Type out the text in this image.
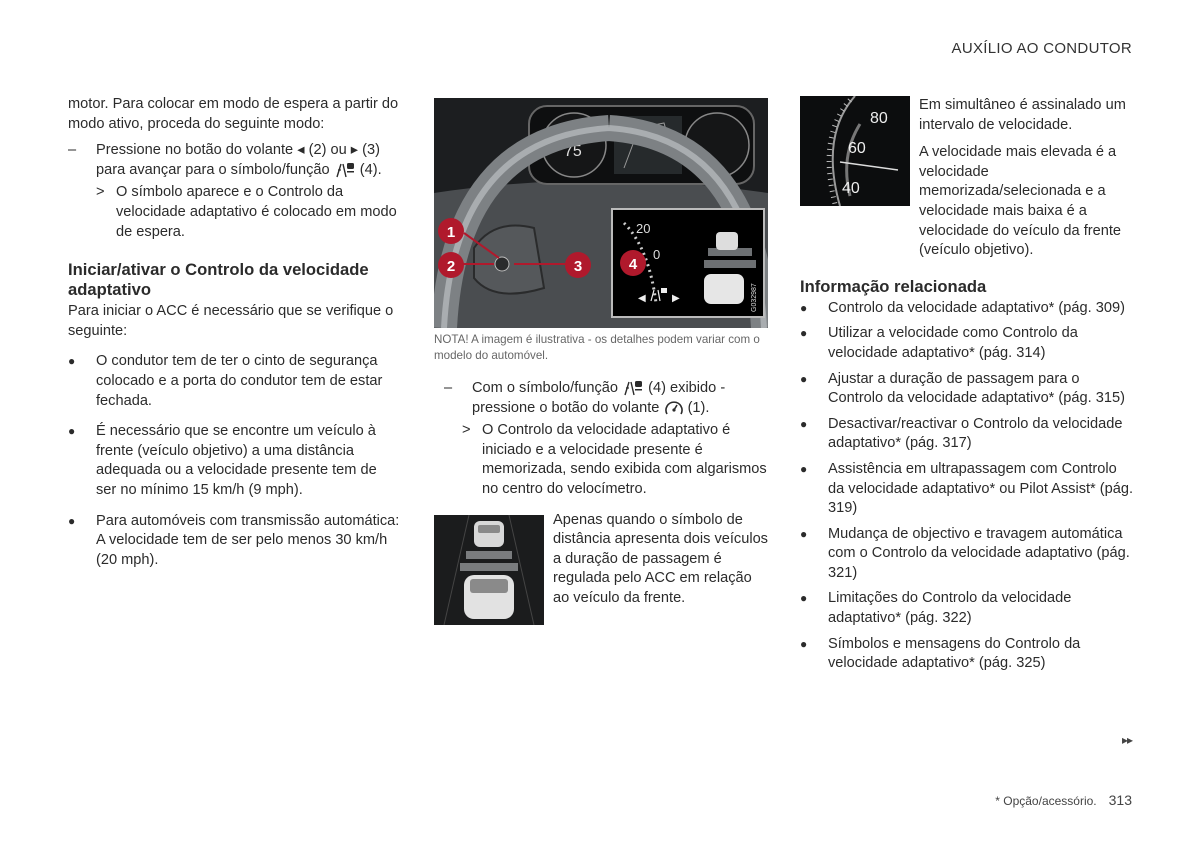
AUXÍLIO AO CONDUTOR

motor. Para colocar em modo de espera a partir do modo ativo, proceda do seguinte modo:

–	Pressione no botão do volante ◂ (2) ou ▸ (3) para avançar para o símbolo/função (4).
> O símbolo aparece e o Controlo da velocidade adaptativo é colocado em modo de espera.
Iniciar/ativar o Controlo da velocidade adaptativo

Para iniciar o ACC é necessário que se verifique o seguinte:

●	O condutor tem de ter o cinto de segurança colocado e a porta do condutor tem de estar fechada.
●	É necessário que se encontre um veículo à frente (veículo objetivo) a uma distância adequada ou a velocidade presente tem de ser no mínimo 15 km/h (9 mph).
●	Para automóveis com transmissão automática: A velocidade tem de ser pelo menos 30 km/h (20 mph).
75
1
2	3
20
0
4
◀	▶	G032987
NOTA! A imagem é ilustrativa - os detalhes podem variar com o modelo do automóvel.
–	Com o símbolo/função (4) exibido - pressione o botão do volante (1).
> O Controlo da velocidade adaptativo é iniciado e a velocidade presente é memorizada, sendo exibida com algarismos no centro do velocímetro.

Apenas quando o símbolo de distância apresenta dois veículos a duração de passagem é regulada pelo ACC em relação ao veículo da frente.

80
60
40

Em simultâneo é assinalado um intervalo de velocidade.

A velocidade mais elevada é a velocidade memorizada/selecionada e a velocidade mais baixa é a velocidade do veículo da frente (veículo objetivo).

Informação relacionada
●	Controlo da velocidade adaptativo* (pág. 309)
●	Utilizar a velocidade como Controlo da velocidade adaptativo* (pág. 314)
●	Ajustar a duração de passagem para o Controlo da velocidade adaptativo* (pág. 315)
●	Desactivar/reactivar o Controlo da velocidade adaptativo* (pág. 317)
●	Assistência em ultrapassagem com Controlo da velocidade adaptativo* ou Pilot Assist* (pág. 319)
●	Mudança de objectivo e travagem automática com o Controlo da velocidade adaptativo (pág. 321)
●	Limitações do Controlo da velocidade adaptativo* (pág. 322)
●	Símbolos e mensagens do Controlo da velocidade adaptativo* (pág. 325)
▸▸
* Opção/acessório. 313
